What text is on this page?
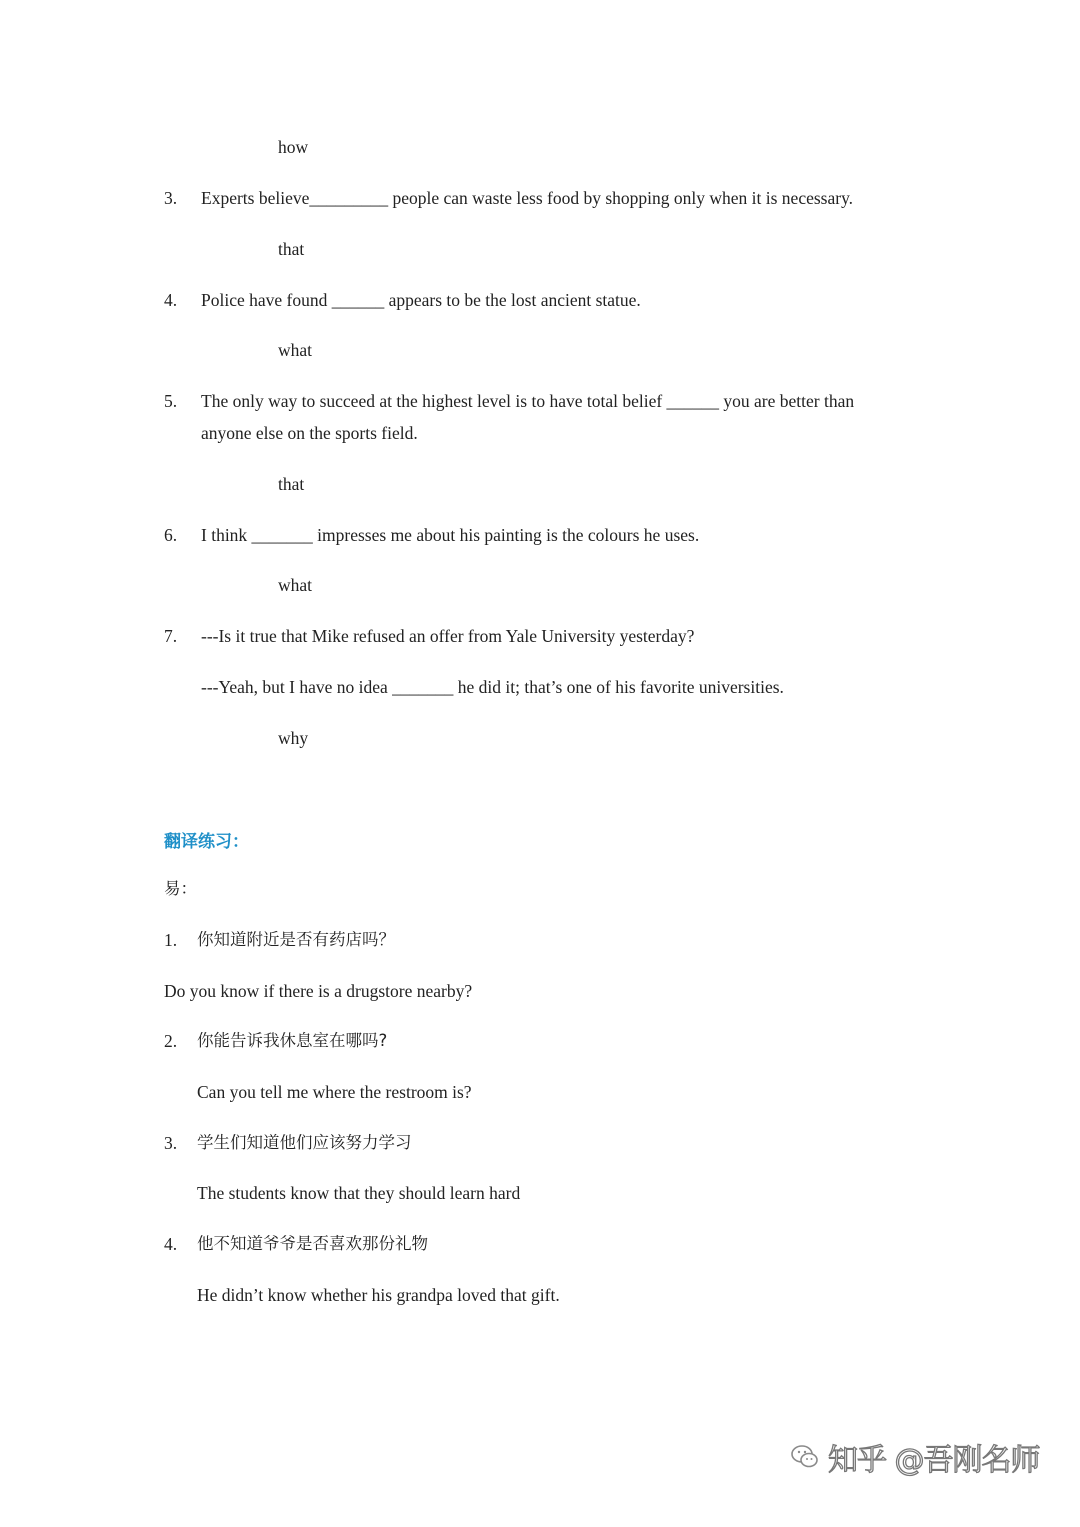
how
3. Experts believe_________ people can waste less food by shopping only when it is necessary.
that
4. Police have found ______ appears to be the lost ancient statue.
what
5. The only way to succeed at the highest level is to have total belief ______ you are better than
anyone else on the sports field.
that
6. I think _______ impresses me about his painting is the colours he uses.
what
7. ---Is it true that Mike refused an offer from Yale University yesterday?
---Yeah, but I have no idea _______ he did it; that’s one of his favorite universities.
why
翻译练习：
易：
1. 你知道附近是否有药店吗？
Do you know if there is a drugstore nearby?
2. 你能告诉我休息室在哪吗?
Can you tell me where the restroom is?
3. 学生们知道他们应该努力学习
The students know that they should learn hard
4. 他不知道爷爷是否喜欢那份礼物
He didn’t know whether his grandpa loved that gift.
知乎 @吾刚名师
